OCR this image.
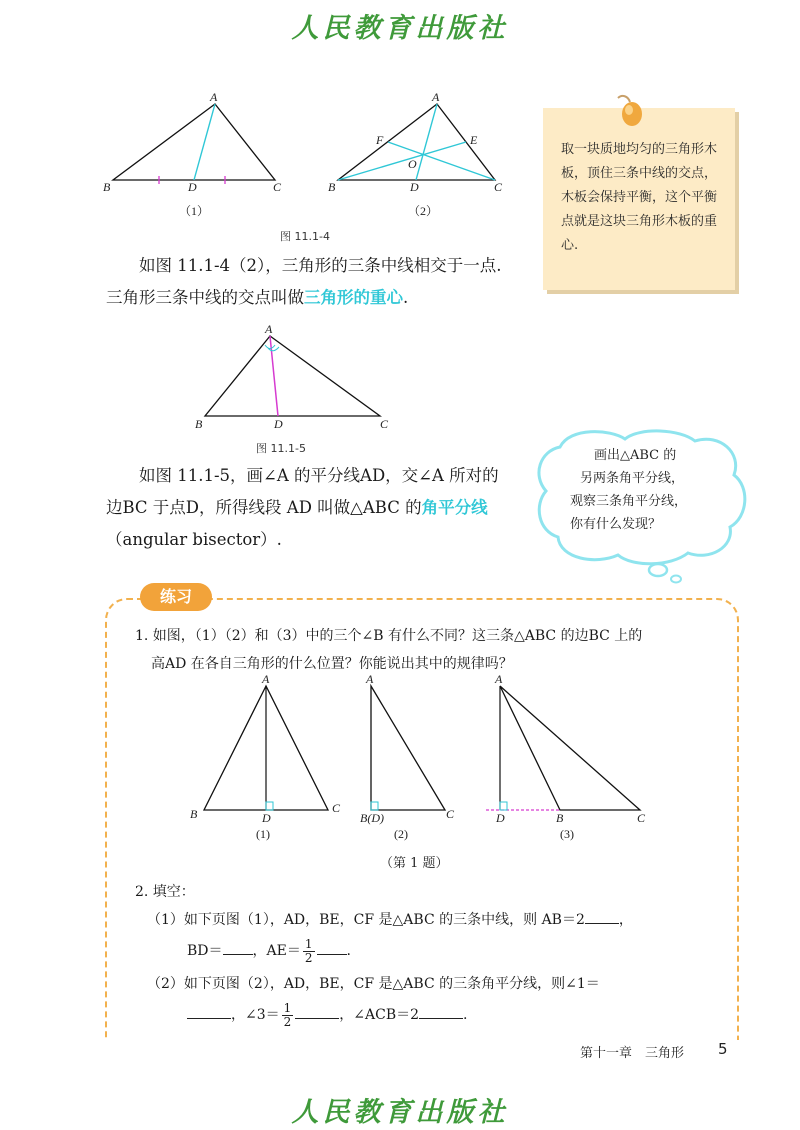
人民教育出版社
A
B	D	C
（1）
A
F	E
O
B	D	C
（2）
图 11.1-4
取一块质地均匀的三角形木板，顶住三条中线的交点，木板会保持平衡，这个平衡点就是这块三角形木板的重心.
如图 11.1-4（2），三角形的三条中线相交于一点. 三角形三条中线的交点叫做三角形的重心.
A
B	D	C
图 11.1-5
如图 11.1-5，画∠A 的平分线AD，交∠A 所对的边BC 于点D，所得线段 AD 叫做△ABC 的角平分线（angular bisector）.
画出△ABC 的
另两条角平分线，
观察三条角平分线，
你有什么发现？
练习
1. 如图，（1）（2）和（3）中的三个∠B 有什么不同？这三条△ABC 的边BC 上的
高AD 在各自三角形的什么位置？你能说出其中的规律吗？
A
B	D
C
(1)
A
B(D)	C
(2)
A
D	B	C
(3)
（第 1 题）
2. 填空：
（1）如下页图（1），AD，BE，CF 是△ABC 的三条中线，则 AB＝2 ，
BD＝ ，$AE= \frac{1}{2}$ .
（2）如下页图（2），AD，BE，CF 是△ABC 的三条角平分线，则∠1＝
，∠3＝ $\frac{1}{2}$	，∠ACB＝2	.
第十一章　三角形 5
人民教育出版社
